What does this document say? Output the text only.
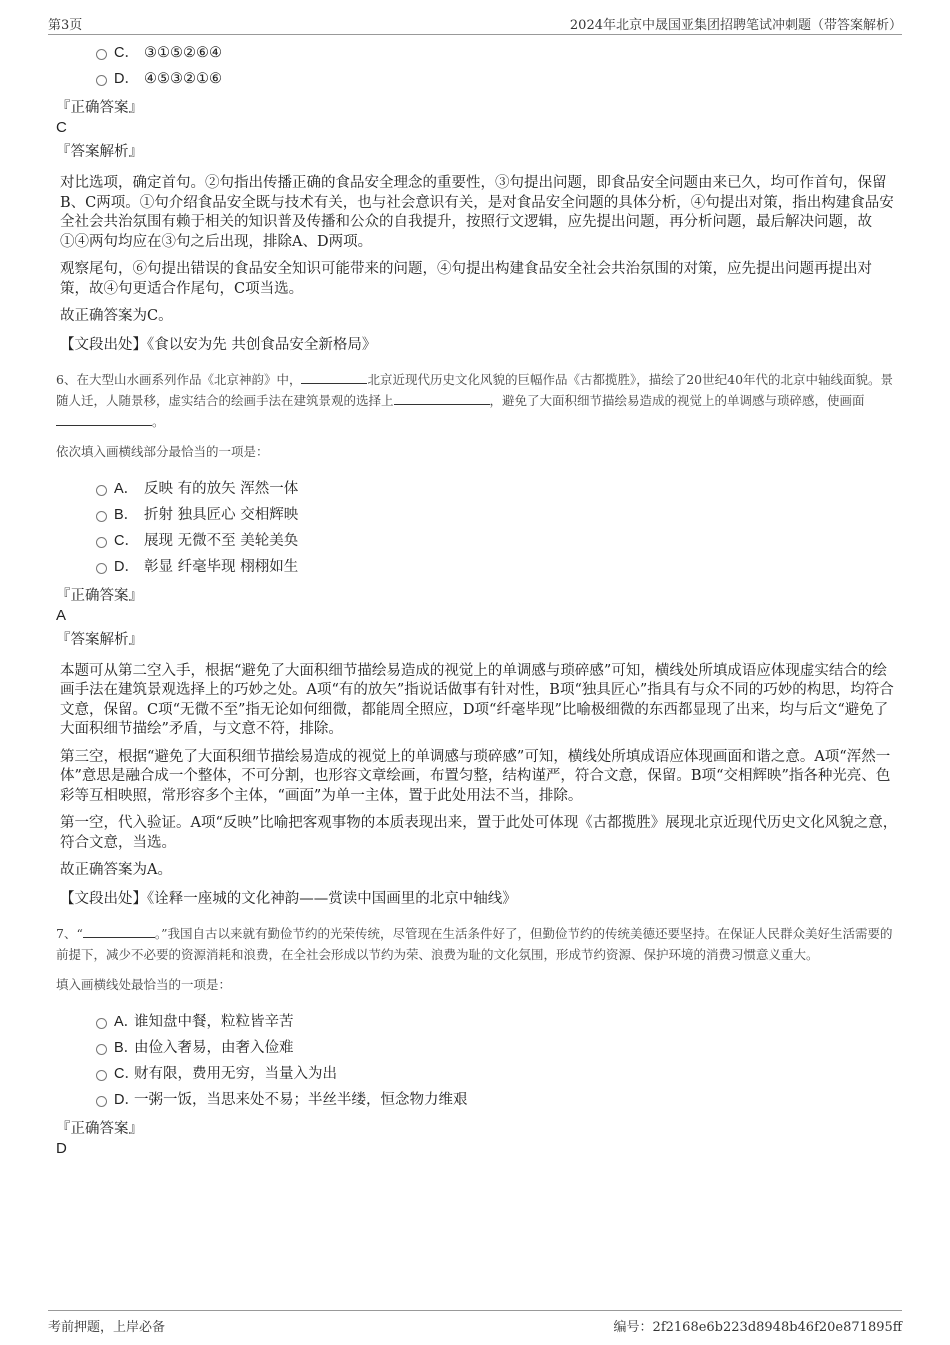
第3页	2024年北京中晟国亚集团招聘笔试冲刺题（带答案解析）
C． ③①⑤②⑥④
D． ④⑤③②①⑥

『正确答案』

C

『答案解析』

对比选项，确定首句。②句指出传播正确的食品安全理念的重要性，③句提出问题，即食品安全问题由来已久，均可作首句，保留B、C两项。①句介绍食品安全既与技术有关，也与社会意识有关，是对食品安全问题的具体分析，④句提出对策，指出构建食品安全社会共治氛围有赖于相关的知识普及传播和公众的自我提升，按照行文逻辑，应先提出问题，再分析问题，最后解决问题，故①④两句均应在③句之后出现，排除A、D两项。

观察尾句，⑥句提出错误的食品安全知识可能带来的问题，④句提出构建食品安全社会共治氛围的对策，应先提出问题再提出对策，故④句更适合作尾句，C项当选。

故正确答案为C。

【文段出处】《食以安为先 共创食品安全新格局》

6、在大型山水画系列作品《北京神韵》中，	北京近现代历史文化风貌的巨幅作品《古都揽胜》，描绘了20世纪40年代的北京中轴线面貌。景随人迁，人随景移，虚实结合的绘画手法在建筑景观的选择上	，避免了大面积细节描绘易造成的视觉上的单调感与琐碎感，使画面。

依次填入画横线部分最恰当的一项是：

A． 反映 有的放矢 浑然一体
B． 折射 独具匠心 交相辉映
C． 展现 无微不至 美轮美奂
D． 彰显 纤毫毕现 栩栩如生

『正确答案』

A

『答案解析』

本题可从第二空入手，根据“避免了大面积细节描绘易造成的视觉上的单调感与琐碎感”可知，横线处所填成语应体现虚实结合的绘画手法在建筑景观选择上的巧妙之处。A项“有的放矢”指说话做事有针对性，B项“独具匠心”指具有与众不同的巧妙的构思，均符合文意，保留。C项“无微不至”指无论如何细微，都能周全照应，D项“纤毫毕现”比喻极细微的东西都显现了出来，均与后文“避免了大面积细节描绘”矛盾，与文意不符，排除。

第三空，根据“避免了大面积细节描绘易造成的视觉上的单调感与琐碎感”可知，横线处所填成语应体现画面和谐之意。A项“浑然一体”意思是融合成一个整体，不可分割，也形容文章绘画，布置匀整，结构谨严，符合文意，保留。B项“交相辉映”指各种光亮、色彩等互相映照，常形容多个主体，“画面”为单一主体，置于此处用法不当，排除。

第一空，代入验证。A项“反映”比喻把客观事物的本质表现出来，置于此处可体现《古都揽胜》展现北京近现代历史文化风貌之意，符合文意，当选。

故正确答案为A。

【文段出处】《诠释一座城的文化神韵——赏读中国画里的北京中轴线》

7、“	。”我国自古以来就有勤俭节约的光荣传统，尽管现在生活条件好了，但勤俭节约的传统美德还要坚持。在保证人民群众美好生活需要的前提下，减少不必要的资源消耗和浪费，在全社会形成以节约为荣、浪费为耻的文化氛围，形成节约资源、保护环境的消费习惯意义重大。

填入画横线处最恰当的一项是：

A．
谁知盘中餐，粒粒皆辛苦
B．
由俭入奢易，由奢入俭难
C．
财有限，费用无穷，当量入为出
D．
一粥一饭，当思来处不易；半丝半缕，恒念物力维艰

『正确答案』

D

考前押题，上岸必备	编号：2f2168e6b223d8948b46f20e871895ff
